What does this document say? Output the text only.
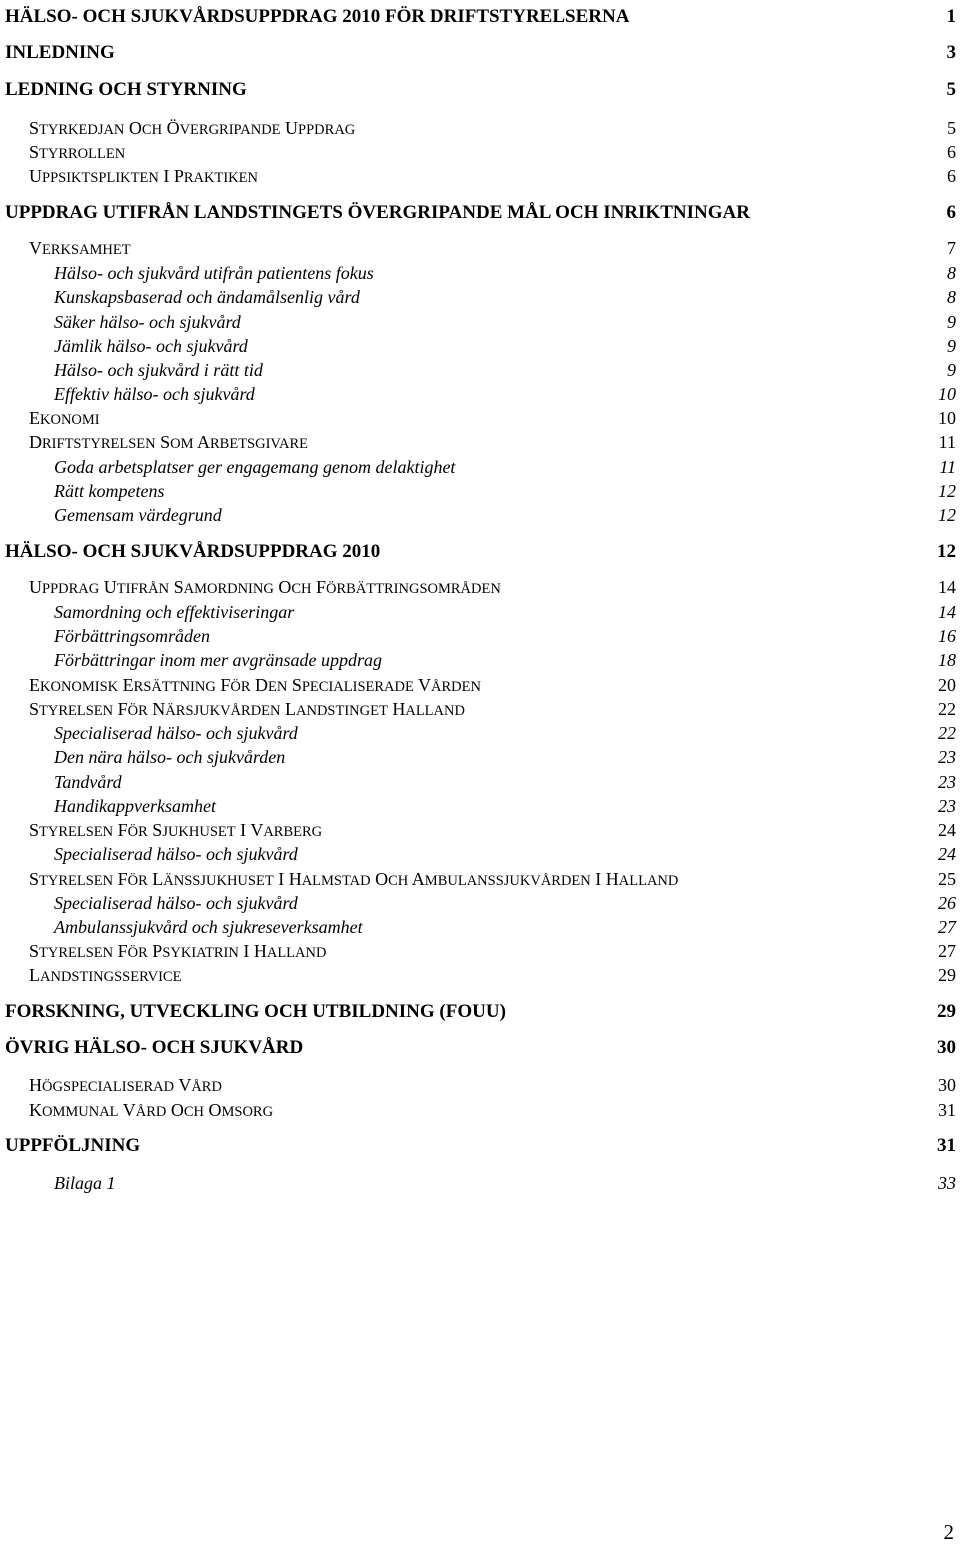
HÄLSO- OCH SJUKVÅRDSUPPDRAG 2010 FÖR DRIFTSTYRELSERNA	1
INLEDNING	3
LEDNING OCH STYRNING	5
STYRKEDJAN OCH ÖVERGRIPANDE UPPDRAG	5
STYRROLLEN	6
UPPSIKTSPLIKTEN I PRAKTIKEN	6
UPPDRAG UTIFRÅN LANDSTINGETS ÖVERGRIPANDE MÅL OCH INRIKTNINGAR	6
VERKSAMHET	7
Hälso- och sjukvård utifrån patientens fokus	8
Kunskapsbaserad och ändamålsenlig vård	8
Säker hälso- och sjukvård	9
Jämlik hälso- och sjukvård	9
Hälso- och sjukvård i rätt tid	9
Effektiv hälso- och sjukvård	10
EKONOMI	10
DRIFTSTYRELSEN SOM ARBETSGIVARE	11
Goda arbetsplatser ger engagemang genom delaktighet	11
Rätt kompetens	12
Gemensam värdegrund	12
HÄLSO- OCH SJUKVÅRDSUPPDRAG 2010	12
UPPDRAG UTIFRÅN SAMORDNING OCH FÖRBÄTTRINGSOMRÅDEN	14
Samordning och effektiviseringar	14
Förbättringsområden	16
Förbättringar inom mer avgränsade uppdrag	18
EKONOMISK ERSÄTTNING FÖR DEN SPECIALISERADE VÅRDEN	20
STYRELSEN FÖR NÄRSJUKVÅRDEN LANDSTINGET HALLAND	22
Specialiserad hälso- och sjukvård	22
Den nära hälso- och sjukvården	23
Tandvård	23
Handikappverksamhet	23
STYRELSEN FÖR SJUKHUSET I VARBERG	24
Specialiserad hälso- och sjukvård	24
STYRELSEN FÖR LÄNSSJUKHUSET I HALMSTAD OCH AMBULANSSJUKVÅRDEN I HALLAND	25
Specialiserad hälso- och sjukvård	26
Ambulanssjukvård och sjukreseverksamhet	27
STYRELSEN FÖR PSYKIATRIN I HALLAND	27
LANDSTINGSSERVICE	29
FORSKNING, UTVECKLING OCH UTBILDNING (FOUU)	29
ÖVRIG HÄLSO- OCH SJUKVÅRD	30
HÖGSPECIALISERAD VÅRD	30
KOMMUNAL VÅRD OCH OMSORG	31
UPPFÖLJNING	31
Bilaga 1	33
2
